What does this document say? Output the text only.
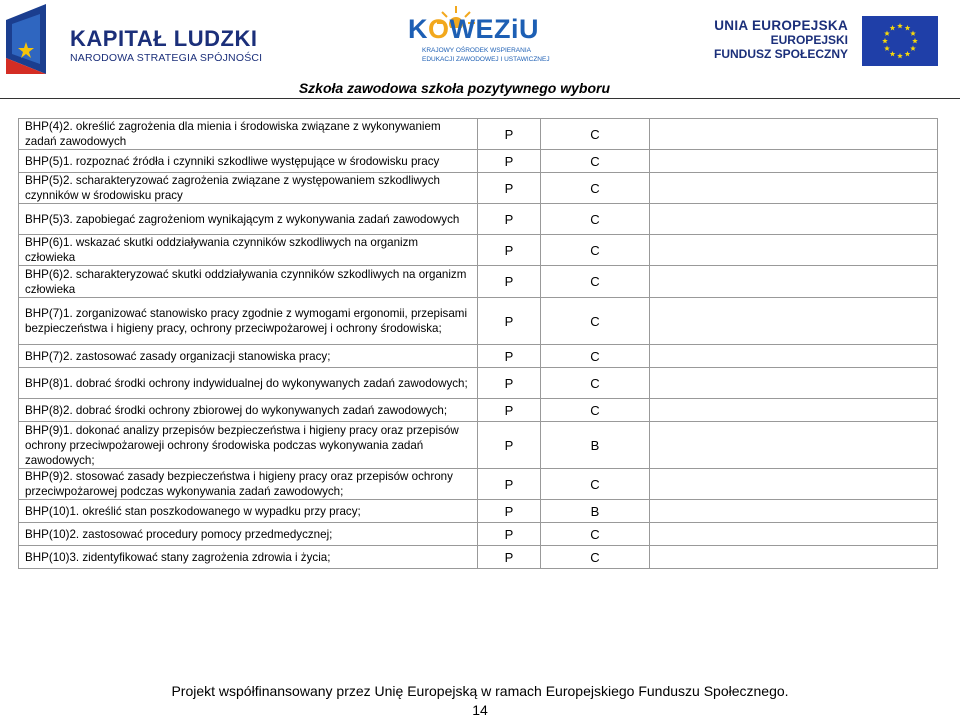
KAPITAŁ LUDZKI
NARODOWA STRATEGIA SPÓJNOŚCI
KOWEZiU
KRAJOWY OŚRODEK WSPIERANIA
EDUKACJI ZAWODOWEJ I USTAWICZNEJ
UNIA EUROPEJSKA
EUROPEJSKI
FUNDUSZ SPOŁECZNY
Szkoła zawodowa szkoła pozytywnego wyboru
BHP(4)2. określić zagrożenia dla mienia i środowiska związane z wykonywaniem zadań zawodowych	P	C	
BHP(5)1. rozpoznać źródła i czynniki szkodliwe występujące w środowisku pracy	P	C	
BHP(5)2. scharakteryzować zagrożenia związane z występowaniem szkodliwych czynników w środowisku pracy	P	C	
BHP(5)3. zapobiegać zagrożeniom wynikającym z wykonywania zadań zawodowych	P	C	
BHP(6)1. wskazać skutki oddziaływania czynników szkodliwych na organizm człowieka	P	C	
BHP(6)2. scharakteryzować skutki oddziaływania czynników szkodliwych na organizm człowieka	P	C	
BHP(7)1. zorganizować stanowisko pracy zgodnie z wymogami ergonomii, przepisami bezpieczeństwa i higieny pracy, ochrony przeciwpożarowej i ochrony środowiska;	P	C	
BHP(7)2. zastosować zasady organizacji stanowiska pracy;	P	C	
BHP(8)1. dobrać środki ochrony indywidualnej do wykonywanych zadań zawodowych;	P	C	
BHP(8)2. dobrać środki ochrony zbiorowej do wykonywanych zadań zawodowych;	P	C	
BHP(9)1. dokonać analizy przepisów bezpieczeństwa i higieny pracy oraz przepisów ochrony przeciwpożaroweji ochrony środowiska podczas wykonywania zadań zawodowych;	P	B	
BHP(9)2. stosować zasady bezpieczeństwa i higieny pracy oraz przepisów ochrony przeciwpożarowej podczas wykonywania zadań zawodowych;	P	C	
BHP(10)1. określić stan poszkodowanego w wypadku przy pracy;	P	B	
BHP(10)2. zastosować procedury pomocy przedmedycznej;	P	C	
BHP(10)3. zidentyfikować stany zagrożenia zdrowia i życia;	P	C	
Projekt współfinansowany przez Unię Europejską w ramach Europejskiego Funduszu Społecznego.
14
